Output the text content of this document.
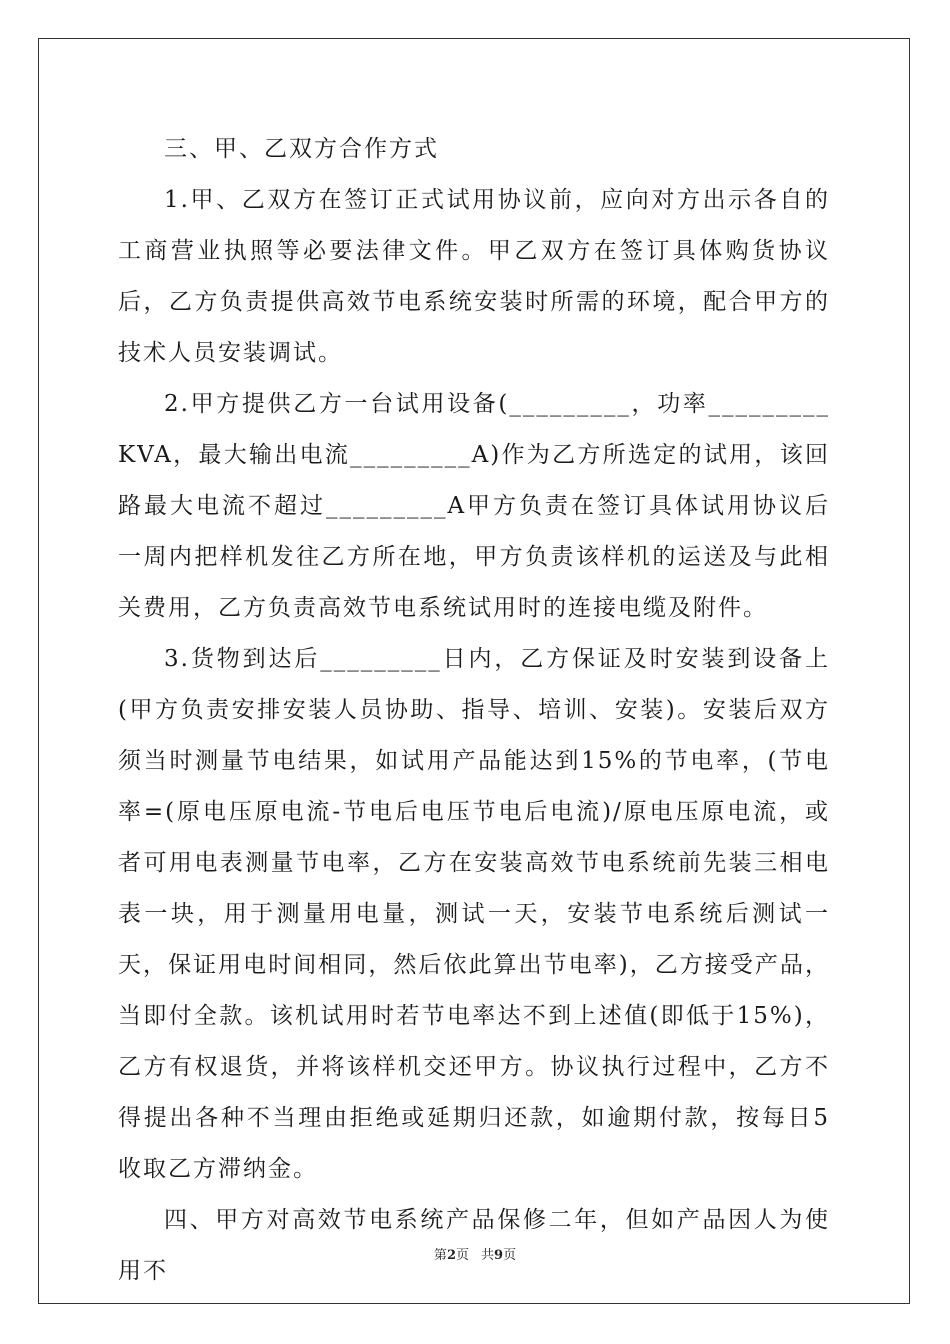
三、甲、乙双方合作方式

1.甲、乙双方在签订正式试用协议前，应向对方出示各自的工商营业执照等必要法律文件。甲乙双方在签订具体购货协议后，乙方负责提供高效节电系统安装时所需的环境，配合甲方的技术人员安装调试。

2.甲方提供乙方一台试用设备(_________，功率_________KVA，最大输出电流_________A)作为乙方所选定的试用，该回路最大电流不超过_________A甲方负责在签订具体试用协议后一周内把样机发往乙方所在地，甲方负责该样机的运送及与此相关费用，乙方负责高效节电系统试用时的连接电缆及附件。

3.货物到达后_________日内，乙方保证及时安装到设备上(甲方负责安排安装人员协助、指导、培训、安装)。安装后双方须当时测量节电结果，如试用产品能达到15%的节电率，(节电率=(原电压原电流-节电后电压节电后电流)/原电压原电流，或者可用电表测量节电率，乙方在安装高效节电系统前先装三相电表一块，用于测量用电量，测试一天，安装节电系统后测试一天，保证用电时间相同，然后依此算出节电率)，乙方接受产品，当即付全款。该机试用时若节电率达不到上述值(即低于15%)，乙方有权退货，并将该样机交还甲方。协议执行过程中，乙方不得提出各种不当理由拒绝或延期归还款，如逾期付款，按每日5收取乙方滞纳金。

四、甲方对高效节电系统产品保修二年，但如产品因人为使用不

第2页 共9页
